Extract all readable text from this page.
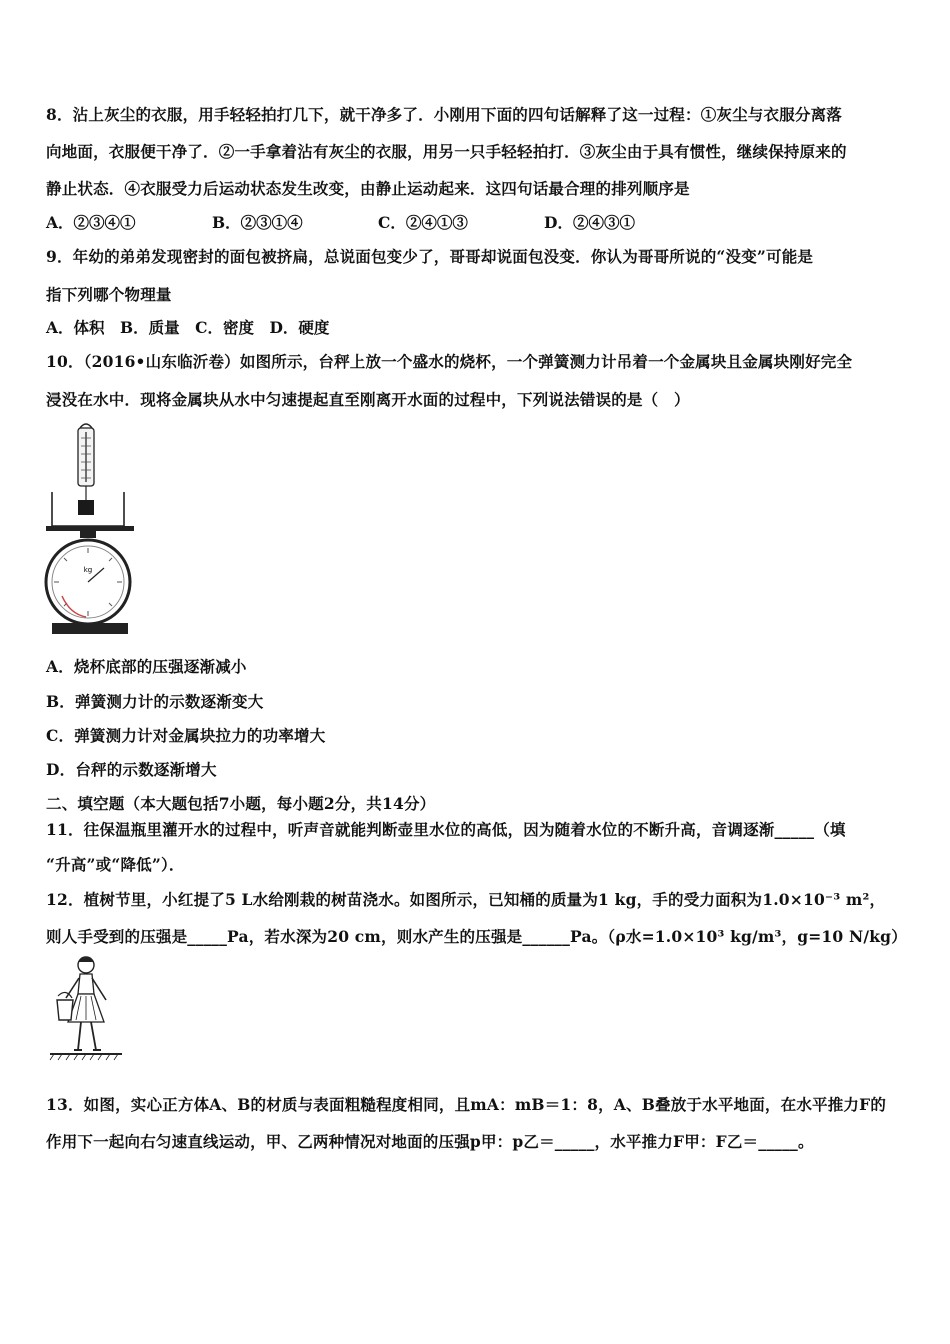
8．沾上灰尘的衣服，用手轻轻拍打几下，就干净多了．小刚用下面的四句话解释了这一过程：①灰尘与衣服分离落
向地面，衣服便干净了．②一手拿着沾有灰尘的衣服，用另一只手轻轻拍打．③灰尘由于具有惯性，继续保持原来的
静止状态．④衣服受力后运动状态发生改变，由静止运动起来．这四句话最合理的排列顺序是
A．②③④①	B．②③①④	C．②④①③	D．②④③①
9．年幼的弟弟发现密封的面包被挤扁，总说面包变少了，哥哥却说面包没变．你认为哥哥所说的“没变”可能是
指下列哪个物理量
A．体积　B．质量　C．密度　D．硬度
10．（2016•山东临沂卷）如图所示，台秤上放一个盛水的烧杯，一个弹簧测力计吊着一个金属块且金属块刚好完全
浸没在水中．现将金属块从水中匀速提起直至刚离开水面的过程中，下列说法错误的是（　）
kg
A．烧杯底部的压强逐渐减小
B．弹簧测力计的示数逐渐变大
C．弹簧测力计对金属块拉力的功率增大
D．台秤的示数逐渐增大
二、填空题（本大题包括7小题，每小题2分，共14分）
11．往保温瓶里灌开水的过程中，听声音就能判断壶里水位的高低，因为随着水位的不断升高，音调逐渐_____（填
“升高”或“降低”）．
12．植树节里，小红提了5 L水给刚栽的树苗浇水。如图所示，已知桶的质量为1 kg，手的受力面积为1.0×10⁻³ m²，
则人手受到的压强是_____Pa，若水深为20 cm，则水产生的压强是______Pa。（ρ水=1.0×10³ kg/m³，g=10 N/kg）
13．如图，实心正方体A、B的材质与表面粗糙程度相同，且mA：mB＝1：8，A、B叠放于水平地面，在水平推力F的
作用下一起向右匀速直线运动，甲、乙两种情况对地面的压强p甲：p乙＝_____，水平推力F甲：F乙＝_____。
